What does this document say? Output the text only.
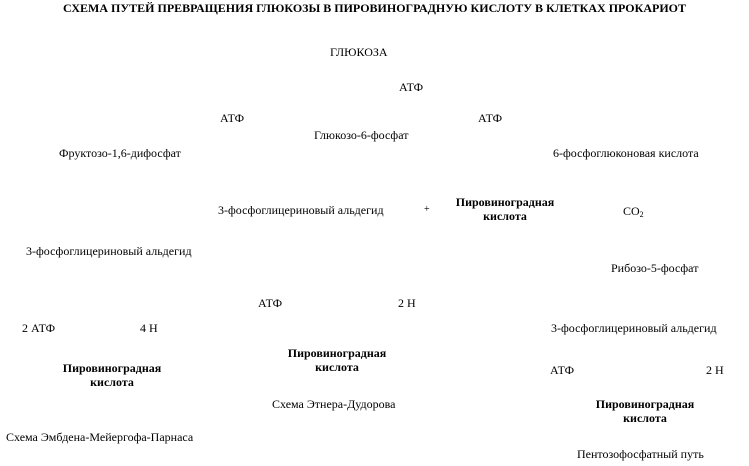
СХЕМА ПУТЕЙ ПРЕВРАЩЕНИЯ ГЛЮКОЗЫ В ПИРОВИНОГРАДНУЮ КИСЛОТУ В КЛЕТКАХ ПРОКАРИОТ
ГЛЮКОЗА
АТФ
АТФ	АТФ
Глюкозо-6-фосфат
Фруктозо-1,6-дифосфат	6-фосфоглюконовая кислота
3-фосфоглицериновый альдегид	+
Пировиноградная
кислота	$CO_2$
3-фосфоглицериновый альдегид
Рибозо-5-фосфат
АТФ	2 Н
2 АТФ	4 Н	3-фосфоглицериновый альдегид
Пировиноградная
кислота
Пировиноградная
кислота
АТФ	2 Н
Пировиноградная
кислота
Схема Этнера-Дудорова
Схема Эмбдена-Мейергофа-Парнаса
Пентозофосфатный путь
